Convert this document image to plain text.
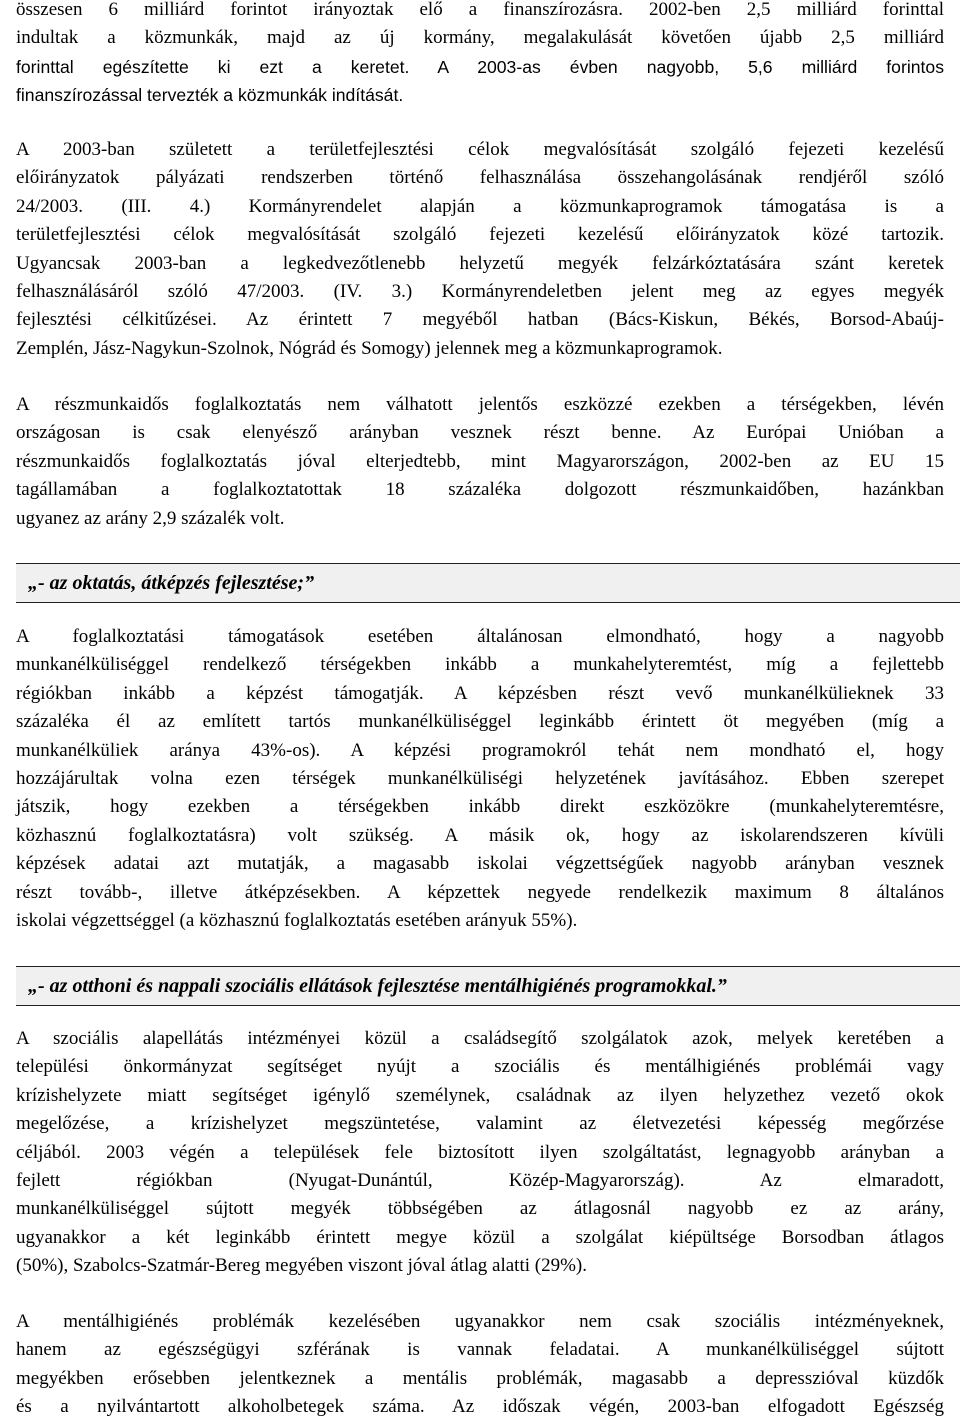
összesen 6 milliárd forintot irányoztak elő a finanszírozásra. 2002-ben 2,5 milliárd forinttal
indultak a közmunkák, majd az új kormány, megalakulását követően újabb 2,5 milliárd
forinttal egészítette ki ezt a keretet. A 2003-as évben nagyobb, 5,6 milliárd forintos
finanszírozással tervezték a közmunkák indítását.
A 2003-ban született a területfejlesztési célok megvalósítását szolgáló fejezeti kezelésű
előirányzatok pályázati rendszerben történő felhasználása összehangolásának rendjéről szóló
24/2003. (III. 4.) Kormányrendelet alapján a közmunkaprogramok támogatása is a
területfejlesztési célok megvalósítását szolgáló fejezeti kezelésű előirányzatok közé tartozik.
Ugyancsak 2003-ban a legkedvezőtlenebb helyzetű megyék felzárkóztatására szánt keretek
felhasználásáról szóló 47/2003. (IV. 3.) Kormányrendeletben jelent meg az egyes megyék
fejlesztési célkitűzései. Az érintett 7 megyéből hatban (Bács-Kiskun, Békés, Borsod-Abaúj-
Zemplén, Jász-Nagykun-Szolnok, Nógrád és Somogy) jelennek meg a közmunkaprogramok.
A részmunkaidős foglalkoztatás nem válhatott jelentős eszközzé ezekben a térségekben, lévén
országosan is csak elenyésző arányban vesznek részt benne. Az Európai Unióban a
részmunkaidős foglalkoztatás jóval elterjedtebb, mint Magyarországon, 2002-ben az EU 15
tagállamában a foglalkoztatottak 18 százaléka dolgozott részmunkaidőben, hazánkban
ugyanez az arány 2,9 százalék volt.
„- az oktatás, átképzés fejlesztése;”
A foglalkoztatási támogatások esetében általánosan elmondható, hogy a nagyobb
munkanélküliséggel rendelkező térségekben inkább a munkahelyteremtést, míg a fejlettebb
régiókban inkább a képzést támogatják. A képzésben részt vevő munkanélkülieknek 33
százaléka él az említett tartós munkanélküliséggel leginkább érintett öt megyében (míg a
munkanélküliek aránya 43%-os). A képzési programokról tehát nem mondható el, hogy
hozzájárultak volna ezen térségek munkanélküliségi helyzetének javításához. Ebben szerepet
játszik, hogy ezekben a térségekben inkább direkt eszközökre (munkahelyteremtésre,
közhasznú foglalkoztatásra) volt szükség. A másik ok, hogy az iskolarendszeren kívüli
képzések adatai azt mutatják, a magasabb iskolai végzettségűek nagyobb arányban vesznek
részt tovább-, illetve átképzésekben. A képzettek negyede rendelkezik maximum 8 általános
iskolai végzettséggel (a közhasznú foglalkoztatás esetében arányuk 55%).
„- az otthoni és nappali szociális ellátások fejlesztése mentálhigiénés programokkal.”
A szociális alapellátás intézményei közül a családsegítő szolgálatok azok, melyek keretében a
települési önkormányzat segítséget nyújt a szociális és mentálhigiénés problémái vagy
krízishelyzete miatt segítséget igénylő személynek, családnak az ilyen helyzethez vezető okok
megelőzése, a krízishelyzet megszüntetése, valamint az életvezetési képesség megőrzése
céljából. 2003 végén a települések fele biztosított ilyen szolgáltatást, legnagyobb arányban a
fejlett régiókban (Nyugat-Dunántúl, Közép-Magyarország). Az elmaradott,
munkanélküliséggel sújtott megyék többségében az átlagosnál nagyobb ez az arány,
ugyanakkor a két leginkább érintett megye közül a szolgálat kiépültsége Borsodban átlagos
(50%), Szabolcs-Szatmár-Bereg megyében viszont jóval átlag alatti (29%).
A mentálhigiénés problémák kezelésében ugyanakkor nem csak szociális intézményeknek,
hanem az egészségügyi szférának is vannak feladatai. A munkanélküliséggel sújtott
megyékben erősebben jelentkeznek a mentális problémák, magasabb a depresszióval küzdők
és a nyilvántartott alkoholbetegek száma. Az időszak végén, 2003-ban elfogadott Egészség
